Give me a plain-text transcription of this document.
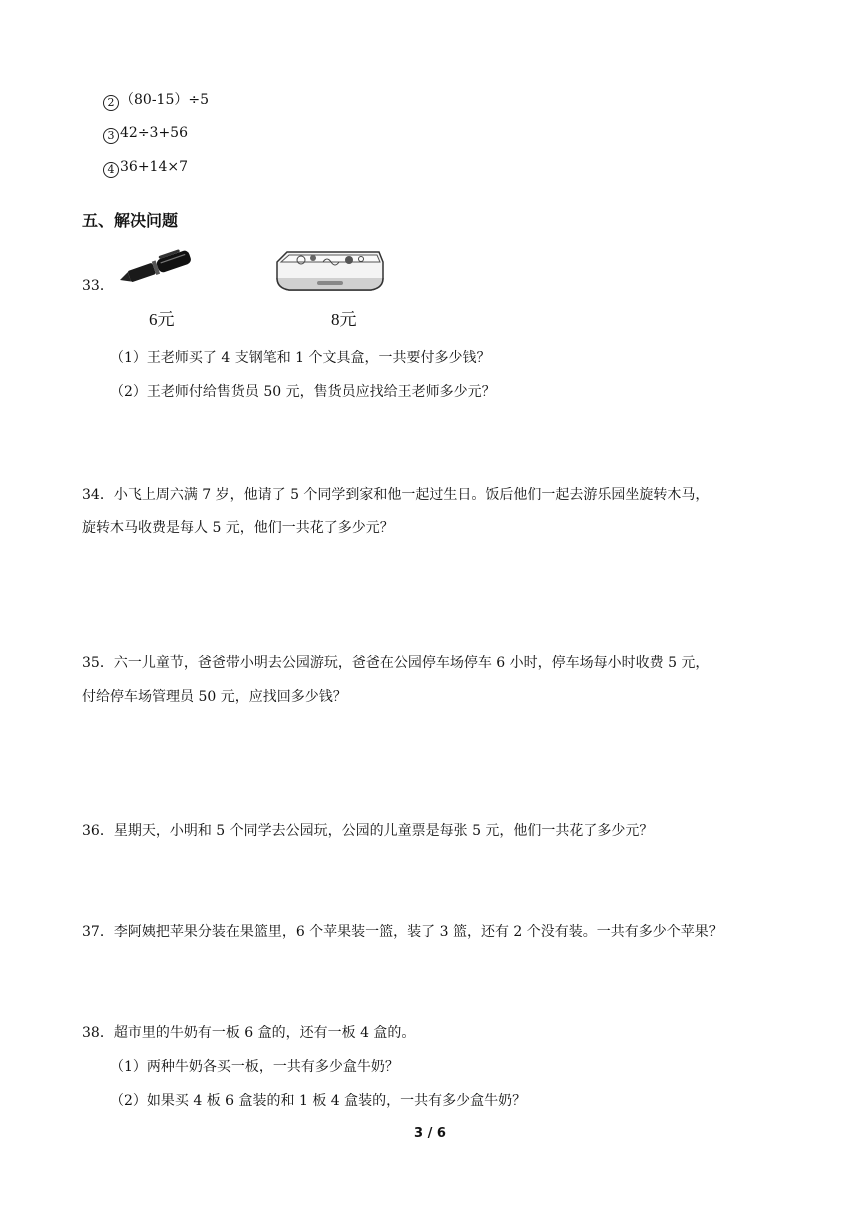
2 （80-15）÷5
3 42÷3+56
4 36+14×7
五、解决问题
33．
6元	8元
（1）王老师买了 4 支钢笔和 1 个文具盒，一共要付多少钱？
（2）王老师付给售货员 50 元，售货员应找给王老师多少元？
34．小飞上周六满 7 岁，他请了 5 个同学到家和他一起过生日。饭后他们一起去游乐园坐旋转木马，
旋转木马收费是每人 5 元，他们一共花了多少元？
35．六一儿童节，爸爸带小明去公园游玩，爸爸在公园停车场停车 6 小时，停车场每小时收费 5 元，
付给停车场管理员 50 元，应找回多少钱？
36．星期天，小明和 5 个同学去公园玩，公园的儿童票是每张 5 元，他们一共花了多少元？
37．李阿姨把苹果分装在果篮里，6 个苹果装一篮，装了 3 篮，还有 2 个没有装。一共有多少个苹果？
38．超市里的牛奶有一板 6 盒的，还有一板 4 盒的。
（1）两种牛奶各买一板，一共有多少盒牛奶？
（2）如果买 4 板 6 盒装的和 1 板 4 盒装的，一共有多少盒牛奶？
3 / 6
